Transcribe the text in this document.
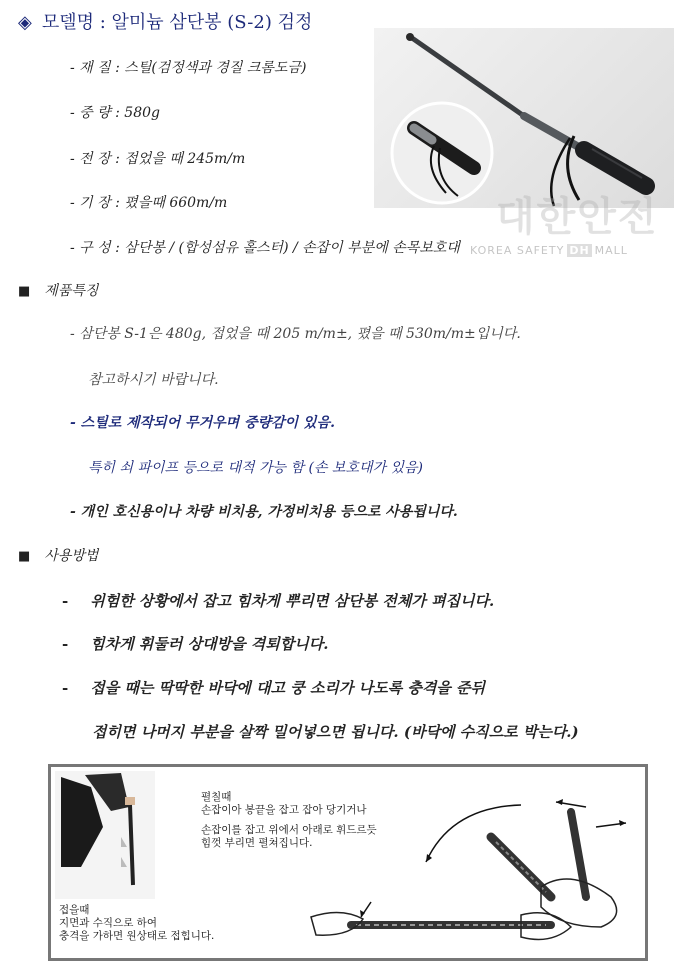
◈ 모델명 : 알미늄 삼단봉 (S-2) 검정
- 재 질 : 스틸(검정색과 경질 크롬도금)
- 중 량 : 580g
- 전 장 : 접었을 때 245m/m
- 기 장 : 폈을때 660m/m
- 구 성 : 삼단봉 / (합성섬유 홀스터) / 손잡이 부분에 손목보호대
대한안전
KOREA SAFETY DH MALL
■ 제품특징
- 삼단봉 S-1은 480g, 접었을 때 205 m/m±, 폈을 때 530m/m±입니다.
참고하시기 바랍니다.
- 스틸로 제작되어 무거우며 중량감이 있음.
특히 쇠 파이프 등으로 대적 가능 함 (손 보호대가 있음)
- 개인 호신용이나 차량 비치용, 가정비치용 등으로 사용됩니다.
■ 사용방법
- 위험한 상황에서 잡고 힘차게 뿌리면 삼단봉 전체가 펴집니다.
- 힘차게 휘둘러 상대방을 격퇴합니다.
- 접을 때는 딱딱한 바닥에 대고 쿵 소리가 나도록 충격을 준뒤
접히면 나머지 부분을 살짝 밀어넣으면 됩니다. (바닥에 수직으로 박는다.)
펼칠때
손잡이아 봉끝을 잡고 잡아 당기거나
손잡이를 잡고 위에서 아래로 휘드르듯
힘껏 부리면 펼쳐집니다.
접을때
지면과 수직으로 하여
충격을 가하면 원상태로 접힙니다.
